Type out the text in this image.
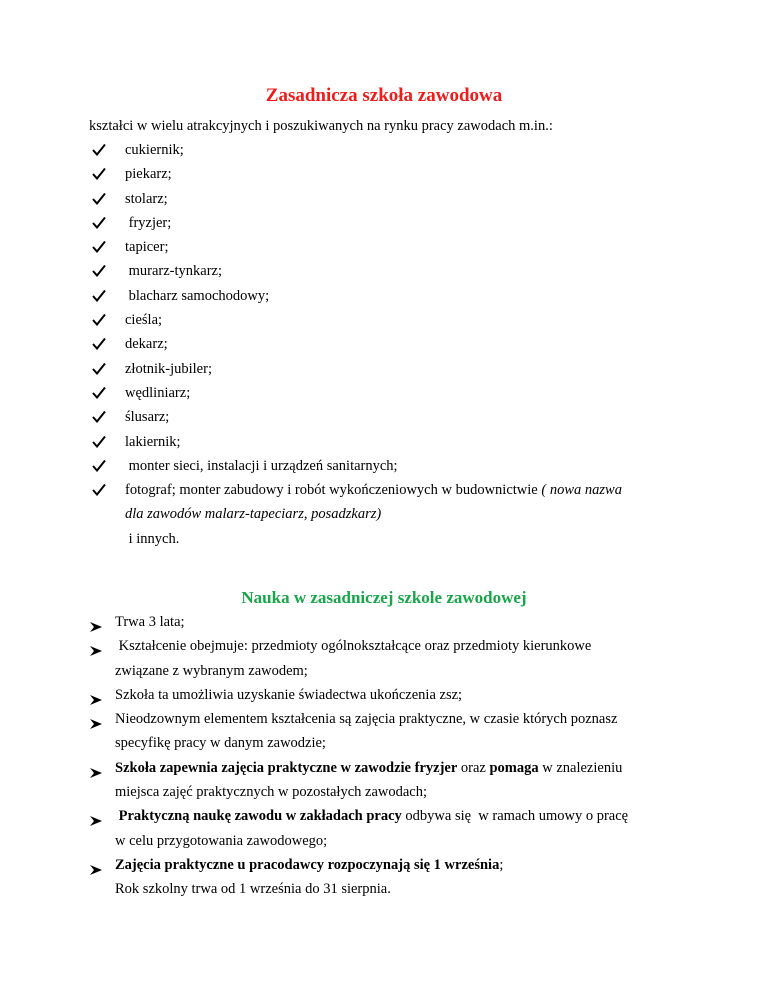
Zasadnicza szkoła zawodowa
kształci w wielu atrakcyjnych i poszukiwanych na rynku pracy zawodach m.in.:
cukiernik;
piekarz;
stolarz;
fryzjer;
tapicer;
murarz-tynkarz;
blacharz samochodowy;
cieśla;
dekarz;
złotnik-jubiler;
wędliniarz;
ślusarz;
lakiernik;
monter sieci, instalacji i urządzeń sanitarnych;
fotograf; monter zabudowy i robót wykończeniowych w budownictwie ( nowa nazwa
dla zawodów malarz-tapeciarz, posadzkarz)
i innych.
Nauka w zasadniczej szkole zawodowej
Trwa 3 lata;
Kształcenie obejmuje: przedmioty ogólnokształcące oraz przedmioty kierunkowe
związane z wybranym zawodem;
Szkoła ta umożliwia uzyskanie świadectwa ukończenia zsz;
Nieodzownym elementem kształcenia są zajęcia praktyczne, w czasie których poznasz
specyfikę pracy w danym zawodzie;
Szkoła zapewnia zajęcia praktyczne w zawodzie fryzjer oraz pomaga w znalezieniu
miejsca zajęć praktycznych w pozostałych zawodach;
Praktyczną naukę zawodu w zakładach pracy odbywa się  w ramach umowy o pracę
w celu przygotowania zawodowego;
Zajęcia praktyczne u pracodawcy rozpoczynają się 1 września;
Rok szkolny trwa od 1 września do 31 sierpnia.
